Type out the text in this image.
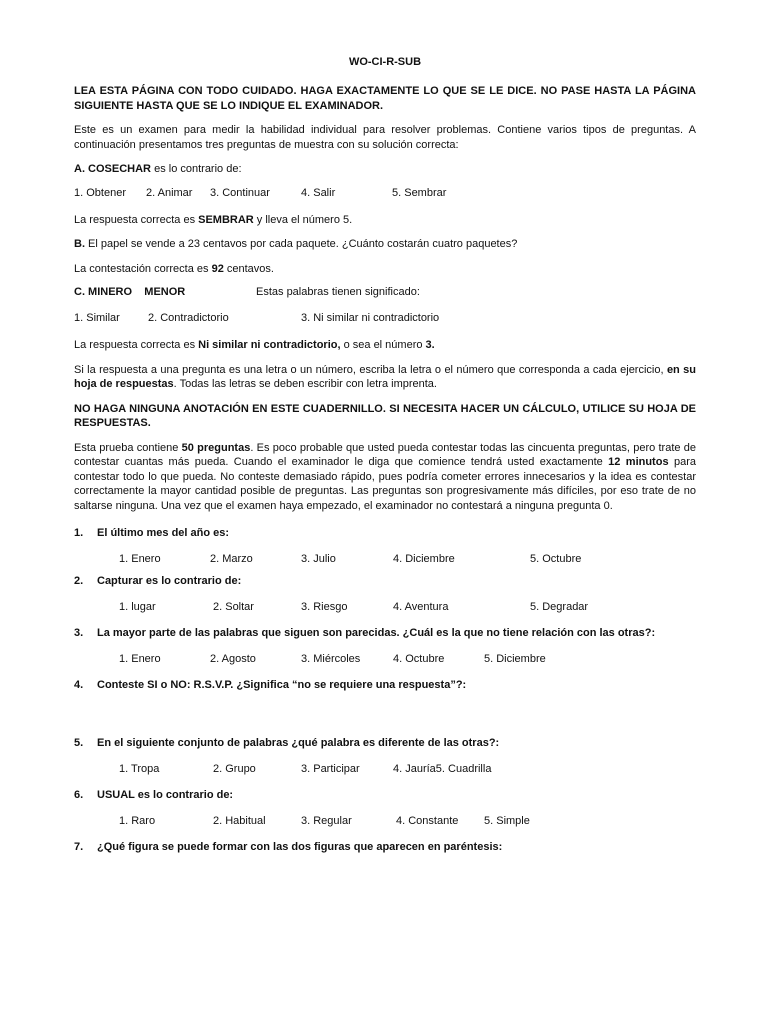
WO-CI-R-SUB
LEA ESTA PÁGINA CON TODO CUIDADO. HAGA EXACTAMENTE LO QUE SE LE DICE. NO PASE HASTA LA PÁGINA SIGUIENTE HASTA QUE SE LO INDIQUE EL EXAMINADOR.
Este es un examen para medir la habilidad individual para resolver problemas. Contiene varios tipos de preguntas. A continuación presentamos tres preguntas de muestra con su solución correcta:
A. COSECHAR es lo contrario de:
1. Obtener 2. Animar 3. Continuar	4. Salir	5. Sembrar
La respuesta correcta es SEMBRAR y lleva el número 5.
B. El papel se vende a 23 centavos por cada paquete. ¿Cuánto costarán cuatro paquetes?
La contestación correcta es 92 centavos.
C. MINERO    MENOR	Estas palabras tienen significado:
1. Similar	2. Contradictorio	3. Ni similar ni contradictorio
La respuesta correcta es Ni similar ni contradictorio, o sea el número 3.
Si la respuesta a una pregunta es una letra o un número, escriba la letra o el número que corresponda a cada ejercicio, en su hoja de respuestas. Todas las letras se deben escribir con letra imprenta.
NO HAGA NINGUNA ANOTACIÓN EN ESTE CUADERNILLO. SI NECESITA HACER UN CÁLCULO, UTILICE SU HOJA DE RESPUESTAS.
Esta prueba contiene 50 preguntas. Es poco probable que usted pueda contestar todas las cincuenta preguntas, pero trate de contestar cuantas más pueda. Cuando el examinador le diga que comience tendrá usted exactamente 12 minutos para contestar todo lo que pueda. No conteste demasiado rápido, pues podría cometer errores innecesarios y la idea es contestar correctamente la mayor cantidad posible de preguntas. Las preguntas son progresivamente más difíciles, por eso trate de no saltarse ninguna. Una vez que el examen haya empezado, el examinador no contestará a ninguna pregunta 0.
1. El último mes del año es:
1. Enero	2. Marzo	3. Julio	4. Diciembre	5. Octubre
2. Capturar es lo contrario de:
1. lugar	2. Soltar	3. Riesgo	4. Aventura	5. Degradar
3. La mayor parte de las palabras que siguen son parecidas. ¿Cuál es la que no tiene relación con las otras?:
1. Enero	2. Agosto	3. Miércoles	4. Octubre	5. Diciembre
4. Conteste SI o NO: R.S.V.P. ¿Significa “no se requiere una respuesta”?:
5. En el siguiente conjunto de palabras ¿qué palabra es diferente de las otras?:
1. Tropa	2. Grupo	3. Participar	4. Jauría5. Cuadrilla
6. USUAL es lo contrario de:
1. Raro	2. Habitual	3. Regular	4. Constante 5. Simple
7. ¿Qué figura se puede formar con las dos figuras que aparecen en paréntesis:
